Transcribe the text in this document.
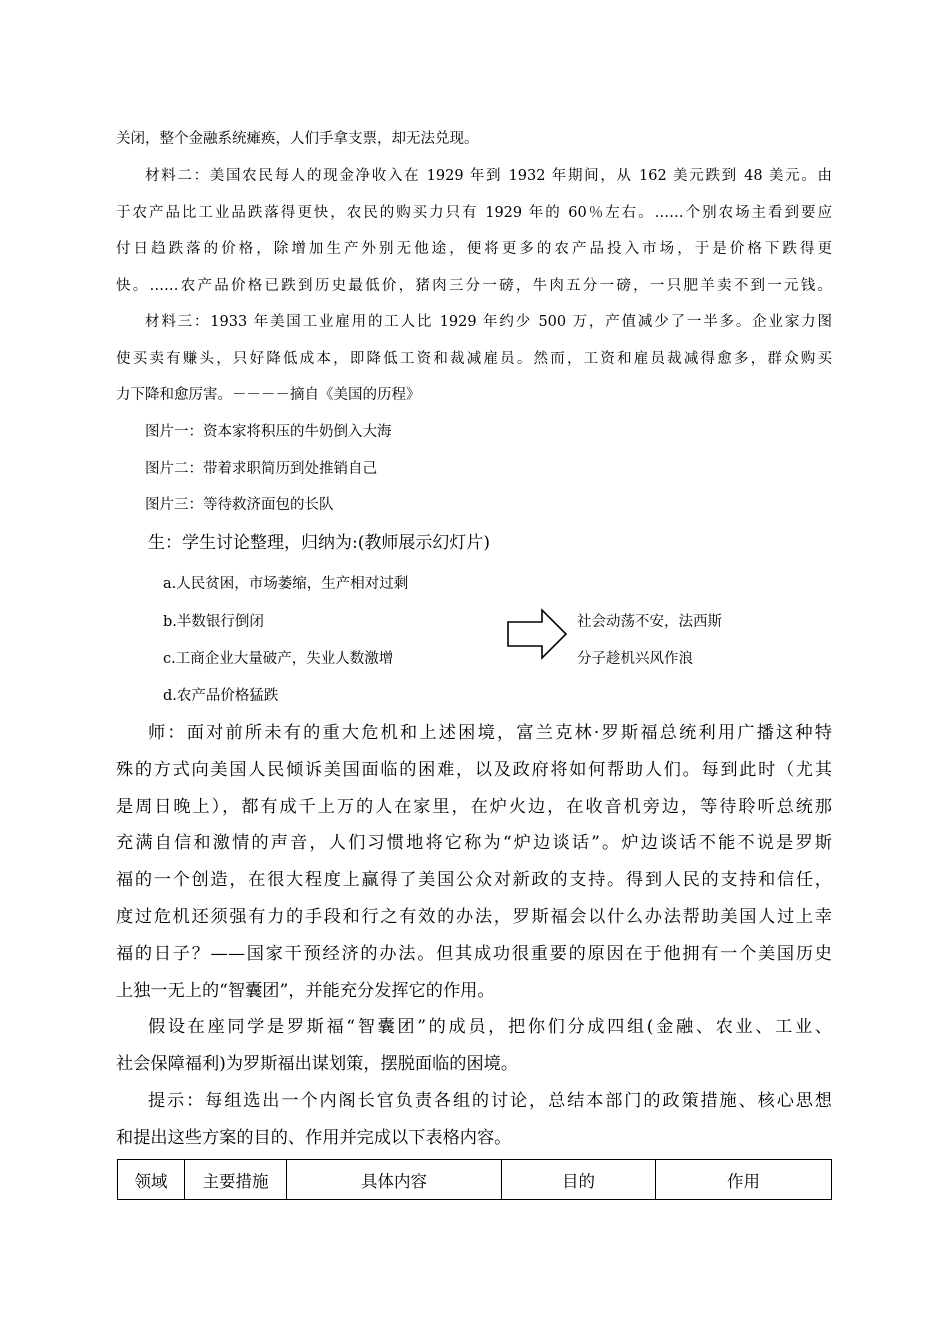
关闭，整个金融系统瘫痪，人们手拿支票，却无法兑现。
材料二：美国农民每人的现金净收入在 1929 年到 1932 年期间，从 162 美元跌到 48 美元。由
于农产品比工业品跌落得更快，农民的购买力只有 1929 年的 60％左右。……个别农场主看到要应
付日趋跌落的价格，除增加生产外别无他途，便将更多的农产品投入市场，于是价格下跌得更
快。……农产品价格已跌到历史最低价，猪肉三分一磅，牛肉五分一磅，一只肥羊卖不到一元钱。
材料三：1933 年美国工业雇用的工人比 1929 年约少 500 万，产值减少了一半多。企业家力图
使买卖有赚头，只好降低成本，即降低工资和裁减雇员。然而，工资和雇员裁减得愈多，群众购买
力下降和愈厉害。－－－－摘自《美国的历程》
图片一：资本家将积压的牛奶倒入大海
图片二：带着求职简历到处推销自己
图片三：等待救济面包的长队
生：学生讨论整理，归纳为:(教师展示幻灯片)
a.人民贫困，市场萎缩，生产相对过剩
b.半数银行倒闭
c.工商企业大量破产，失业人数激增
d.农产品价格猛跌
社会动荡不安，法西斯
分子趁机兴风作浪
师：面对前所未有的重大危机和上述困境，富兰克林·罗斯福总统利用广播这种特
殊的方式向美国人民倾诉美国面临的困难，以及政府将如何帮助人们。每到此时（尤其
是周日晚上），都有成千上万的人在家里，在炉火边，在收音机旁边，等待聆听总统那
充满自信和激情的声音，人们习惯地将它称为“炉边谈话”。炉边谈话不能不说是罗斯
福的一个创造，在很大程度上赢得了美国公众对新政的支持。得到人民的支持和信任，
度过危机还须强有力的手段和行之有效的办法，罗斯福会以什么办法帮助美国人过上幸
福的日子？——国家干预经济的办法。但其成功很重要的原因在于他拥有一个美国历史
上独一无上的“智囊团”，并能充分发挥它的作用。
假设在座同学是罗斯福“智囊团”的成员，把你们分成四组(金融、农业、工业、
社会保障福利)为罗斯福出谋划策，摆脱面临的困境。
提示：每组选出一个内阁长官负责各组的讨论，总结本部门的政策措施、核心思想
和提出这些方案的目的、作用并完成以下表格内容。
领域	主要措施	具体内容	目的	作用
